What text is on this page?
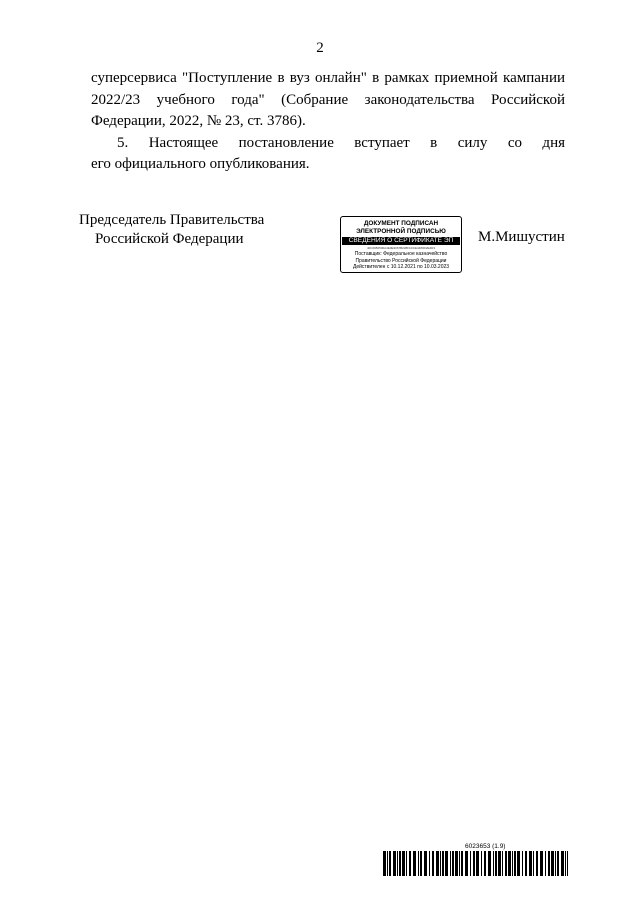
2
суперсервиса "Поступление в вуз онлайн" в рамках приемной кампании
2022/23 учебного года" (Собрание законодательства Российской
Федерации, 2022, № 23, ст. 3786).
5. Настоящее постановление вступает в силу со дня
его официального опубликования.
Председатель Правительства
Российской Федерации
ДОКУМЕНТ ПОДПИСАН
ЭЛЕКТРОННОЙ ПОДПИСЬЮ
СВЕДЕНИЯ О СЕРТИФИКАТЕ ЭП
40C0950500A4E0E3067B228F1DCE4480D2E2D3
Поставщик: Федеральное казначейство
Правительство Российской Федерации
Действителен с 10.12.2021 по 10.03.2023
М.Мишустин
6023653 (1.9)
